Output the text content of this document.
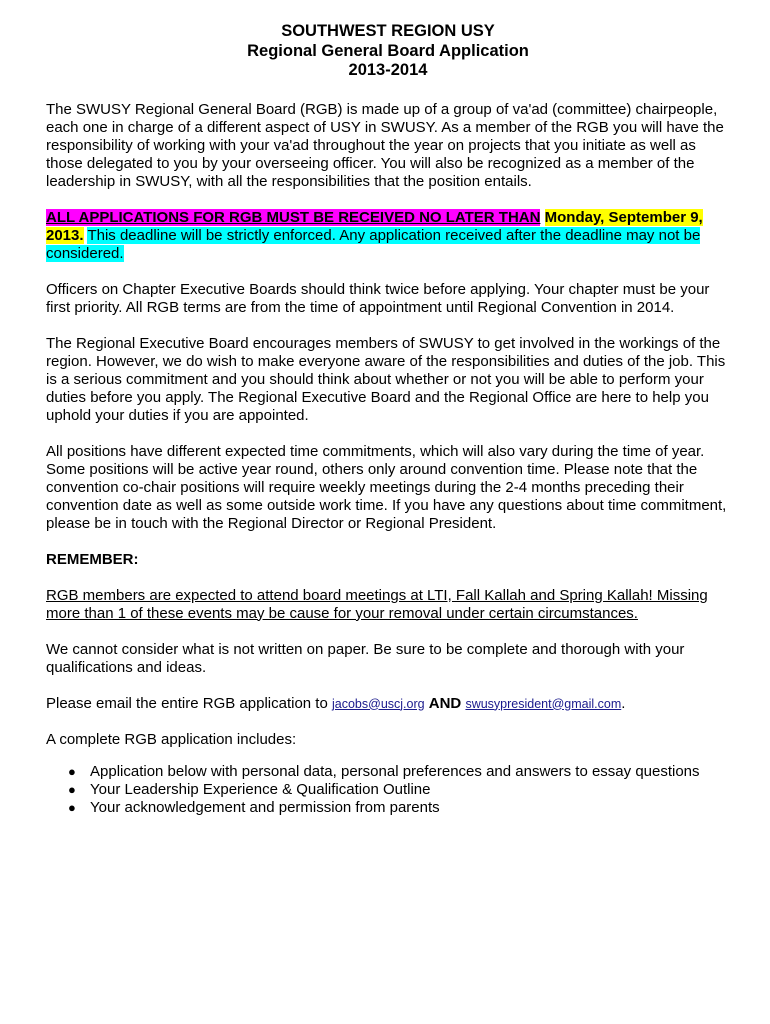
SOUTHWEST REGION USY
Regional General Board Application
2013-2014

The SWUSY Regional General Board (RGB) is made up of a group of va'ad (committee) chairpeople, each one in charge of a different aspect of USY in SWUSY. As a member of the RGB you will have the responsibility of working with your va'ad throughout the year on projects that you initiate as well as those delegated to you by your overseeing officer. You will also be recognized as a member of the leadership in SWUSY, with all the responsibilities that the position entails.

ALL APPLICATIONS FOR RGB MUST BE RECEIVED NO LATER THAN Monday, September 9, 2013. This deadline will be strictly enforced. Any application received after the deadline may not be considered.

Officers on Chapter Executive Boards should think twice before applying. Your chapter must be your first priority. All RGB terms are from the time of appointment until Regional Convention in 2014.

The Regional Executive Board encourages members of SWUSY to get involved in the workings of the region. However, we do wish to make everyone aware of the responsibilities and duties of the job. This is a serious commitment and you should think about whether or not you will be able to perform your duties before you apply. The Regional Executive Board and the Regional Office are here to help you uphold your duties if you are appointed.

All positions have different expected time commitments, which will also vary during the time of year. Some positions will be active year round, others only around convention time. Please note that the convention co-chair positions will require weekly meetings during the 2-4 months preceding their convention date as well as some outside work time. If you have any questions about time commitment, please be in touch with the Regional Director or Regional President.

REMEMBER:

RGB members are expected to attend board meetings at LTI, Fall Kallah and Spring Kallah! Missing more than 1 of these events may be cause for your removal under certain circumstances.

We cannot consider what is not written on paper. Be sure to be complete and thorough with your qualifications and ideas.

Please email the entire RGB application to jacobs@uscj.org AND swusypresident@gmail.com.

A complete RGB application includes:

● Application below with personal data, personal preferences and answers to essay questions
● Your Leadership Experience & Qualification Outline
● Your acknowledgement and permission from parents
